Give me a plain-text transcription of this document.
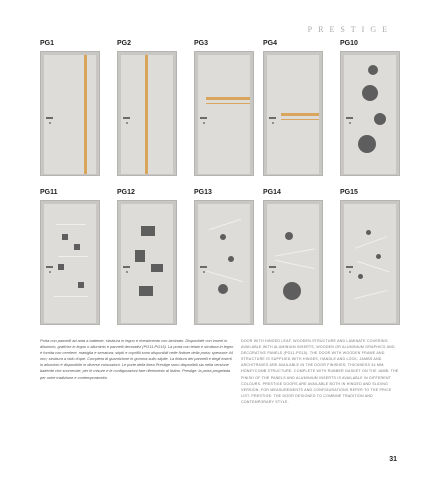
PRESTIGE
PG1	PG2	PG3	PG4	PG10
PG11	PG12	PG13	PG14	PG15

Porta con pannelli ad anta a battente, struttura in legno e rivestimento con laminato. Disponibile con inserti in alluminio, grafiche in legno o alluminio e pannelli decorativi (PG11-PG15). La porta con telaio e struttura in legno è fornita con cerniere, maniglia e serratura; stipiti e coprifili sono disponibili nelle finiture della porta; spessore 44 mm; struttura a nido d'ape. Completa di guarnizione in gomma sullo stipite. La finitura dei pannelli e degli inserti in alluminio è disponibile in diverse colorazioni. Le porte della linea Prestige sono disponibili sia nella versione battente che scorrevole; per le misure e le configurazioni fare riferimento al listino. Prestige: la porta progettata per unire tradizione e contemporaneità.

DOOR WITH HINGED LEAF, WOODEN STRUCTURE AND LAMINATE COVERING. AVAILABLE WITH ALUMINIUM INSERTS, WOODEN OR ALUMINIUM GRAPHICS AND DECORATIVE PANELS (PG11-PG15). THE DOOR WITH WOODEN FRAME AND STRUCTURE IS SUPPLIED WITH HINGES, HANDLE AND LOCK; JAMBS AND ARCHITRAVES ARE AVAILABLE IN THE DOOR FINISHES; THICKNESS 44 MM; HONEYCOMB STRUCTURE. COMPLETE WITH RUBBER GASKET ON THE JAMB. THE FINISH OF THE PANELS AND ALUMINIUM INSERTS IS AVAILABLE IN DIFFERENT COLOURS. PRESTIGE DOORS ARE AVAILABLE BOTH IN HINGED AND SLIDING VERSION; FOR MEASUREMENTS AND CONFIGURATIONS REFER TO THE PRICE LIST. PRESTIGE: THE DOOR DESIGNED TO COMBINE TRADITION AND CONTEMPORARY STYLE.

31
